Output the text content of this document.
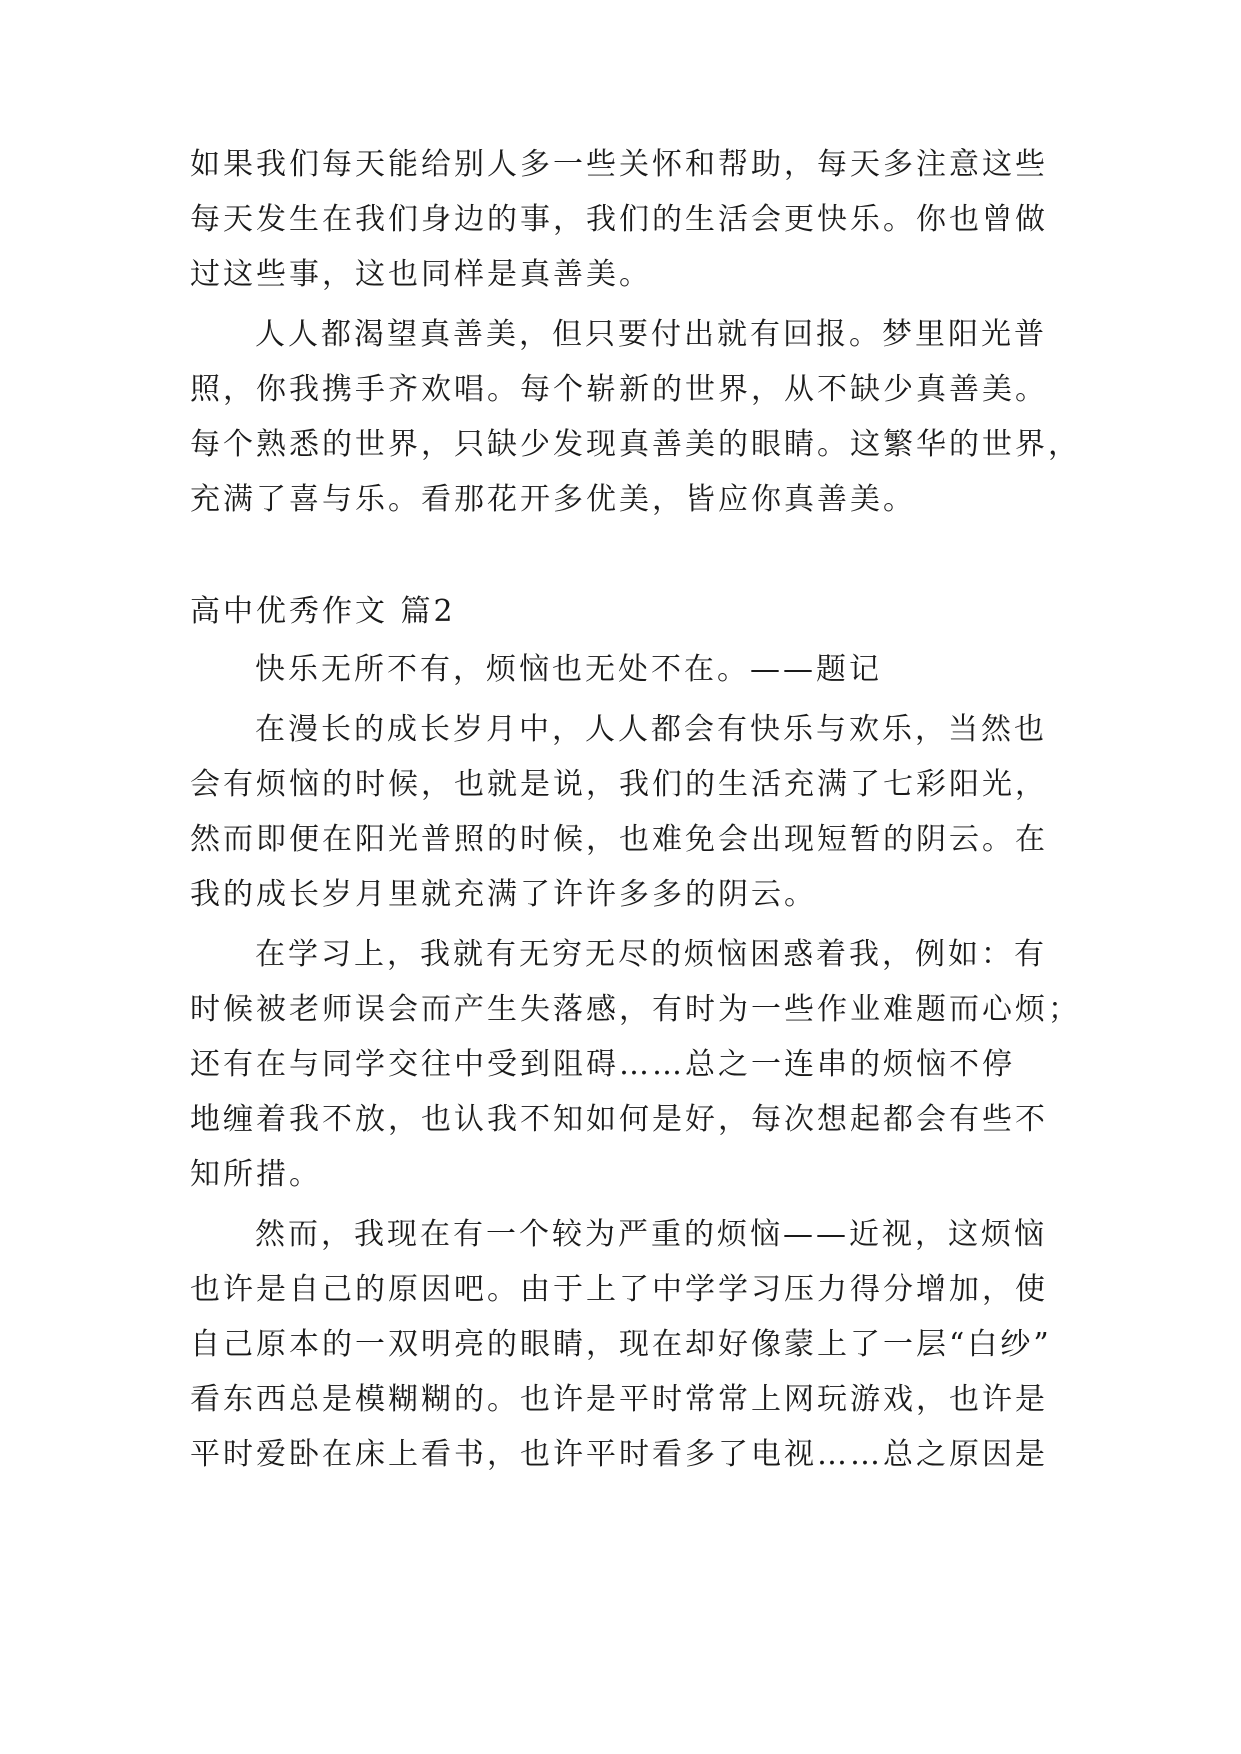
如果我们每天能给别人多一些关怀和帮助，每天多注意这些
每天发生在我们身边的事，我们的生活会更快乐。你也曾做
过这些事，这也同样是真善美。
人人都渴望真善美，但只要付出就有回报。梦里阳光普
照，你我携手齐欢唱。每个崭新的世界，从不缺少真善美。
每个熟悉的世界，只缺少发现真善美的眼睛。这繁华的世界，
充满了喜与乐。看那花开多优美，皆应你真善美。
高中优秀作文 篇2
快乐无所不有，烦恼也无处不在。——题记
在漫长的成长岁月中，人人都会有快乐与欢乐，当然也
会有烦恼的时候，也就是说，我们的生活充满了七彩阳光，
然而即便在阳光普照的时候，也难免会出现短暂的阴云。在
我的成长岁月里就充满了许许多多的阴云。
在学习上，我就有无穷无尽的烦恼困惑着我，例如：有
时候被老师误会而产生失落感，有时为一些作业难题而心烦；
还有在与同学交往中受到阻碍……总之一连串的烦恼不停
地缠着我不放，也认我不知如何是好，每次想起都会有些不
知所措。
然而，我现在有一个较为严重的烦恼——近视，这烦恼
也许是自己的原因吧。由于上了中学学习压力得分增加，使
自己原本的一双明亮的眼睛，现在却好像蒙上了一层“白纱”
看东西总是模糊糊的。也许是平时常常上网玩游戏，也许是
平时爱卧在床上看书，也许平时看多了电视……总之原因是
